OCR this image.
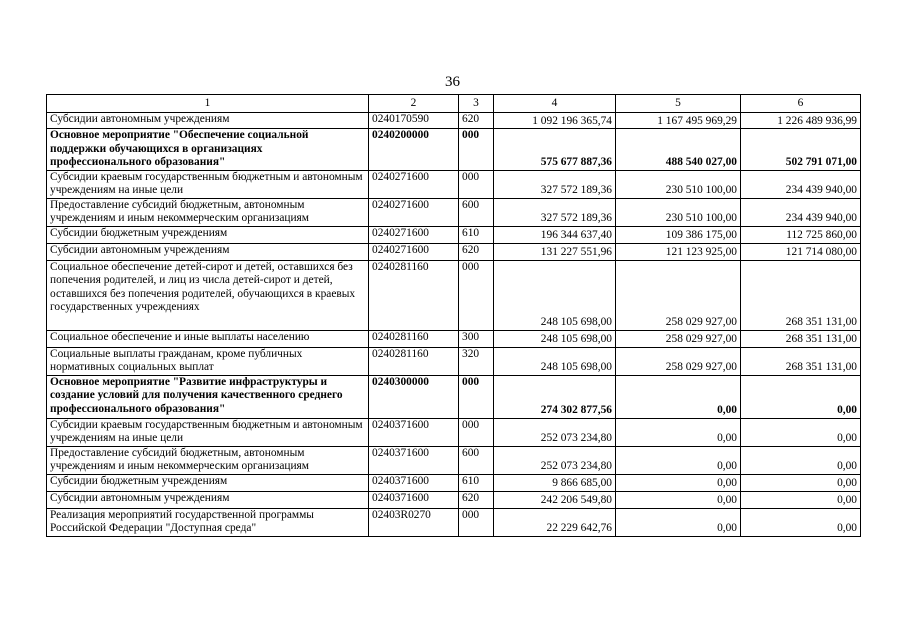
36
1	2	3	4	5	6
Субсидии автономным учреждениям	0240170590	620	1 092 196 365,74	1 167 495 969,29	1 226 489 936,99
Основное мероприятие "Обеспечение социальной поддержки обучающихся в организациях профессионального образования"	0240200000	000	575 677 887,36	488 540 027,00	502 791 071,00
Субсидии краевым государственным бюджетным и автономным учреждениям на иные цели	0240271600	000	327 572 189,36	230 510 100,00	234 439 940,00
Предоставление субсидий бюджетным, автономным учреждениям и иным некоммерческим организациям	0240271600	600	327 572 189,36	230 510 100,00	234 439 940,00
Субсидии бюджетным учреждениям	0240271600	610	196 344 637,40	109 386 175,00	112 725 860,00
Субсидии автономным учреждениям	0240271600	620	131 227 551,96	121 123 925,00	121 714 080,00
Социальное обеспечение детей-сирот и детей, оставшихся без попечения родителей, и лиц из числа детей-сирот и детей, оставшихся без попечения родителей, обучающихся в краевых государственных учреждениях	0240281160	000	248 105 698,00	258 029 927,00	268 351 131,00
Социальное обеспечение и иные выплаты населению	0240281160	300	248 105 698,00	258 029 927,00	268 351 131,00
Социальные выплаты гражданам, кроме публичных нормативных социальных выплат	0240281160	320	248 105 698,00	258 029 927,00	268 351 131,00
Основное мероприятие "Развитие инфраструктуры и создание условий для получения качественного среднего профессионального образования"	0240300000	000	274 302 877,56	0,00	0,00
Субсидии краевым государственным бюджетным и автономным учреждениям на иные цели	0240371600	000	252 073 234,80	0,00	0,00
Предоставление субсидий бюджетным, автономным учреждениям и иным некоммерческим организациям	0240371600	600	252 073 234,80	0,00	0,00
Субсидии бюджетным учреждениям	0240371600	610	9 866 685,00	0,00	0,00
Субсидии автономным учреждениям	0240371600	620	242 206 549,80	0,00	0,00
Реализация мероприятий государственной программы Российской Федерации "Доступная среда"	02403R0270	000	22 229 642,76	0,00	0,00
